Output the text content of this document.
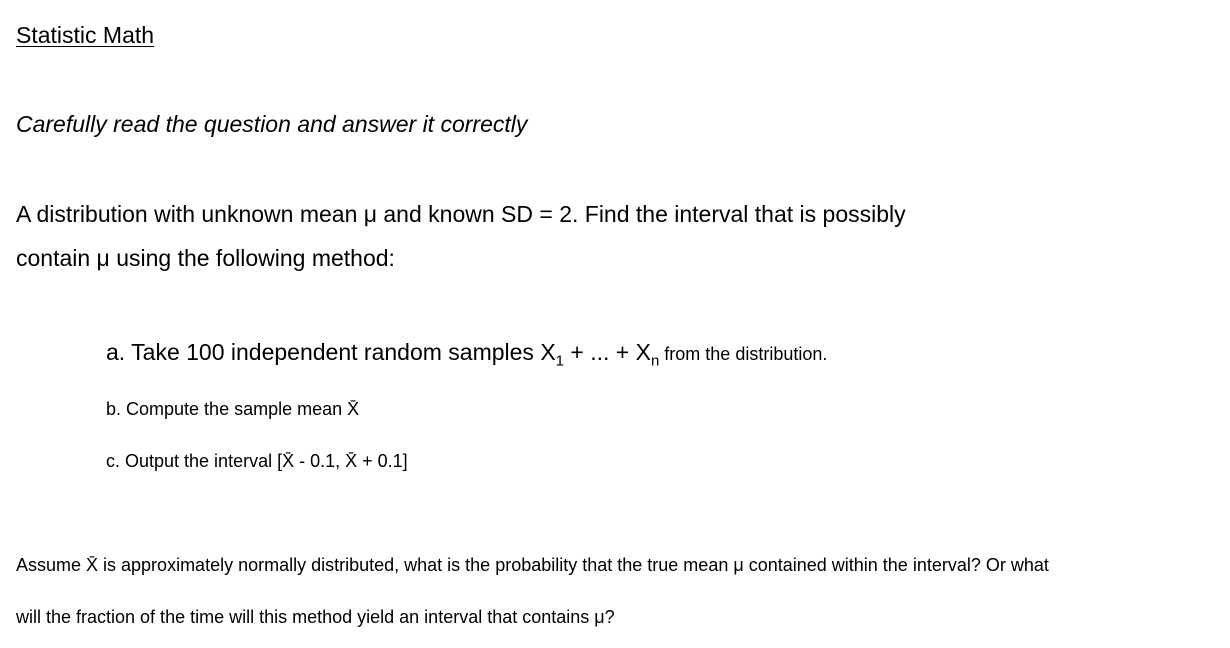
Statistic Math

Carefully read the question and answer it correctly

A distribution with unknown mean μ and known SD = 2. Find the interval that is possibly

contain μ using the following method:

a. Take 100 independent random samples $X_1$ + ... + $X_n$ from the distribution.

b. Compute the sample mean X̄

c. Output the interval [X̄ - 0.1, X̄ + 0.1]

Assume X̄ is approximately normally distributed, what is the probability that the true mean μ contained within the interval? Or what

will the fraction of the time will this method yield an interval that contains μ?
